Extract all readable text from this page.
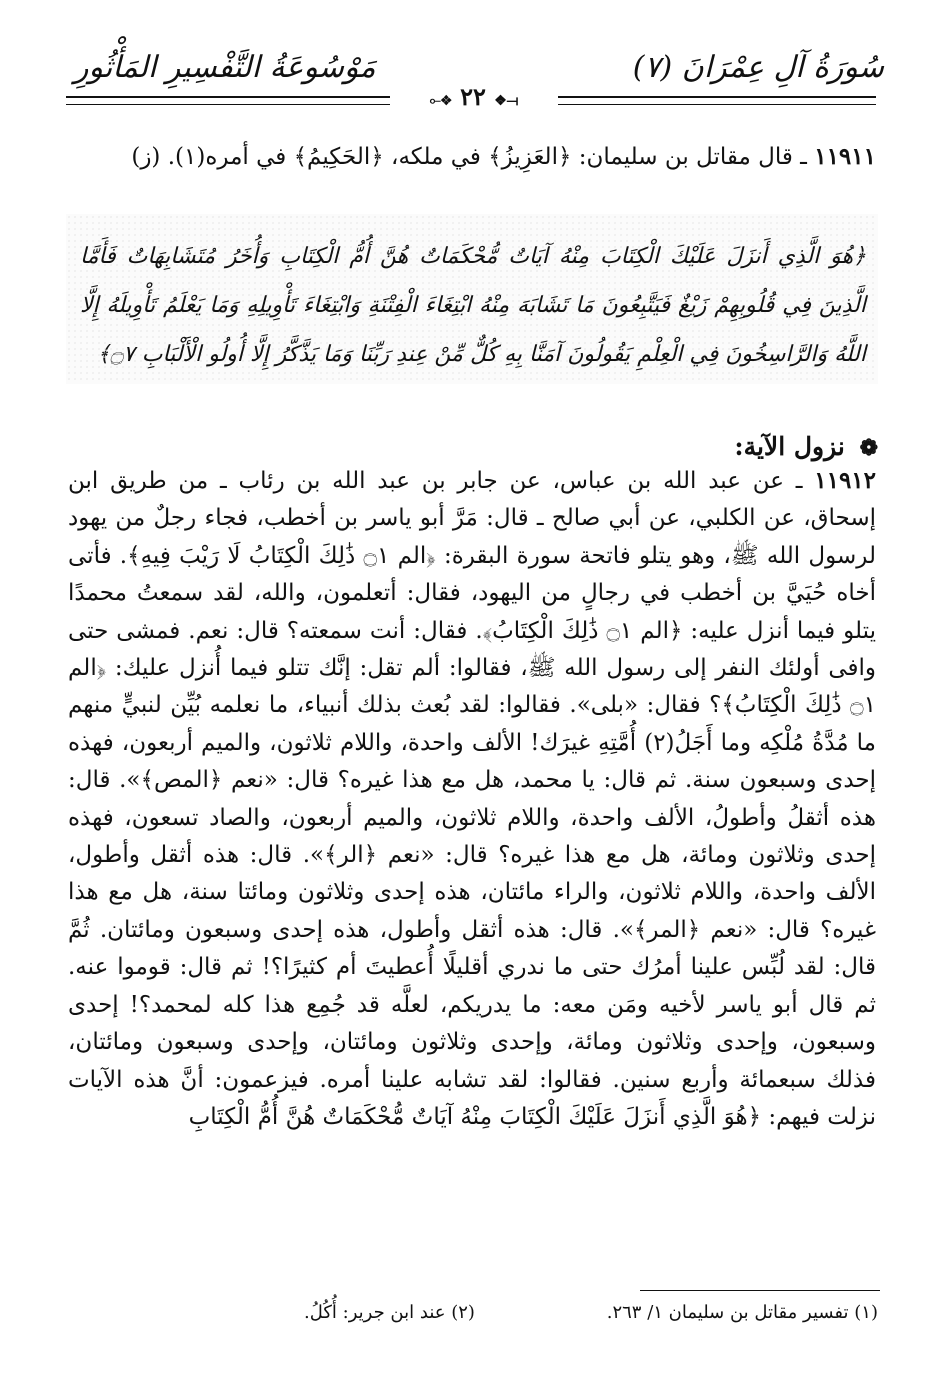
سُورَةُ آلِ عِمْرَانَ (٧)
مَوْسُوعَةُ التَّفْسِيرِ المَأْثُورِ
⟜❖ ٢٢ ❖⟞
١١٩١١ ـ قال مقاتل بن سليمان: ﴿العَزِيزُ﴾ في ملكه، ﴿الحَكِيمُ﴾ في أمره(١). (ز)
﴿هُوَ الَّذِي أَنزَلَ عَلَيْكَ الْكِتَابَ مِنْهُ آيَاتٌ مُّحْكَمَاتٌ هُنَّ أُمُّ الْكِتَابِ وَأُخَرُ مُتَشَابِهَاتٌ فَأَمَّا الَّذِينَ فِي قُلُوبِهِمْ زَيْغٌ فَيَتَّبِعُونَ مَا تَشَابَهَ مِنْهُ ابْتِغَاءَ الْفِتْنَةِ وَابْتِغَاءَ تَأْوِيلِهِ وَمَا يَعْلَمُ تَأْوِيلَهُ إِلَّا اللَّهُ وَالرَّاسِخُونَ فِي الْعِلْمِ يَقُولُونَ آمَنَّا بِهِ كُلٌّ مِّنْ عِندِ رَبِّنَا وَمَا يَذَّكَّرُ إِلَّا أُولُو الْأَلْبَابِ ۝٧﴾
❁ نزول الآية:
١١٩١٢ ـ عن عبد الله بن عباس، عن جابر بن عبد الله بن رئاب ـ من طريق ابن إسحاق، عن الكلبي، عن أبي صالح ـ قال: مَرَّ أبو ياسر بن أخطب، فجاء رجلٌ من يهود لرسول الله ﷺ، وهو يتلو فاتحة سورة البقرة: ﴿الم ۝١ ذَٰلِكَ الْكِتَابُ لَا رَيْبَ فِيهِ﴾. فأتى أخاه حُيَيَّ بن أخطب في رجالٍ من اليهود، فقال: أتعلمون، والله، لقد سمعتُ محمدًا يتلو فيما أنزل عليه: ﴿الم ۝١ ذَٰلِكَ الْكِتَابُ﴾. فقال: أنت سمعته؟ قال: نعم. فمشى حتى وافى أولئك النفر إلى رسول الله ﷺ، فقالوا: ألم تقل: إنَّك تتلو فيما أُنزل عليك: ﴿الم ۝١ ذَٰلِكَ الْكِتَابُ﴾؟ فقال: «بلى». فقالوا: لقد بُعث بذلك أنبياء، ما نعلمه بُيِّن لنبيٍّ منهم ما مُدَّةُ مُلْكِه وما أَجَلُ(٢) أُمَّتِهِ غيرَك! الألف واحدة، واللام ثلاثون، والميم أربعون، فهذه إحدى وسبعون سنة. ثم قال: يا محمد، هل مع هذا غيره؟ قال: «نعم ﴿المص﴾». قال: هذه أثقلُ وأطولُ، الألف واحدة، واللام ثلاثون، والميم أربعون، والصاد تسعون، فهذه إحدى وثلاثون ومائة، هل مع هذا غيره؟ قال: «نعم ﴿الر﴾». قال: هذه أثقل وأطول، الألف واحدة، واللام ثلاثون، والراء مائتان، هذه إحدى وثلاثون ومائتا سنة، هل مع هذا غيره؟ قال: «نعم ﴿المر﴾». قال: هذه أثقل وأطول، هذه إحدى وسبعون ومائتان. ثُمَّ قال: لقد لُبِّس علينا أمرُك حتى ما ندري أقليلًا أُعطيتَ أم كثيرًا؟! ثم قال: قوموا عنه. ثم قال أبو ياسر لأخيه ومَن معه: ما يدريكم، لعلَّه قد جُمِع هذا كله لمحمد؟! إحدى وسبعون، وإحدى وثلاثون ومائة، وإحدى وثلاثون ومائتان، وإحدى وسبعون ومائتان، فذلك سبعمائة وأربع سنين. فقالوا: لقد تشابه علينا أمره. فيزعمون: أنَّ هذه الآيات نزلت فيهم: ﴿هُوَ الَّذِي أَنزَلَ عَلَيْكَ الْكِتَابَ مِنْهُ آيَاتٌ مُّحْكَمَاتٌ هُنَّ أُمُّ الْكِتَابِ
(١) تفسير مقاتل بن سليمان ١/ ٢٦٣.
(٢) عند ابن جرير: أُكُلُ.
